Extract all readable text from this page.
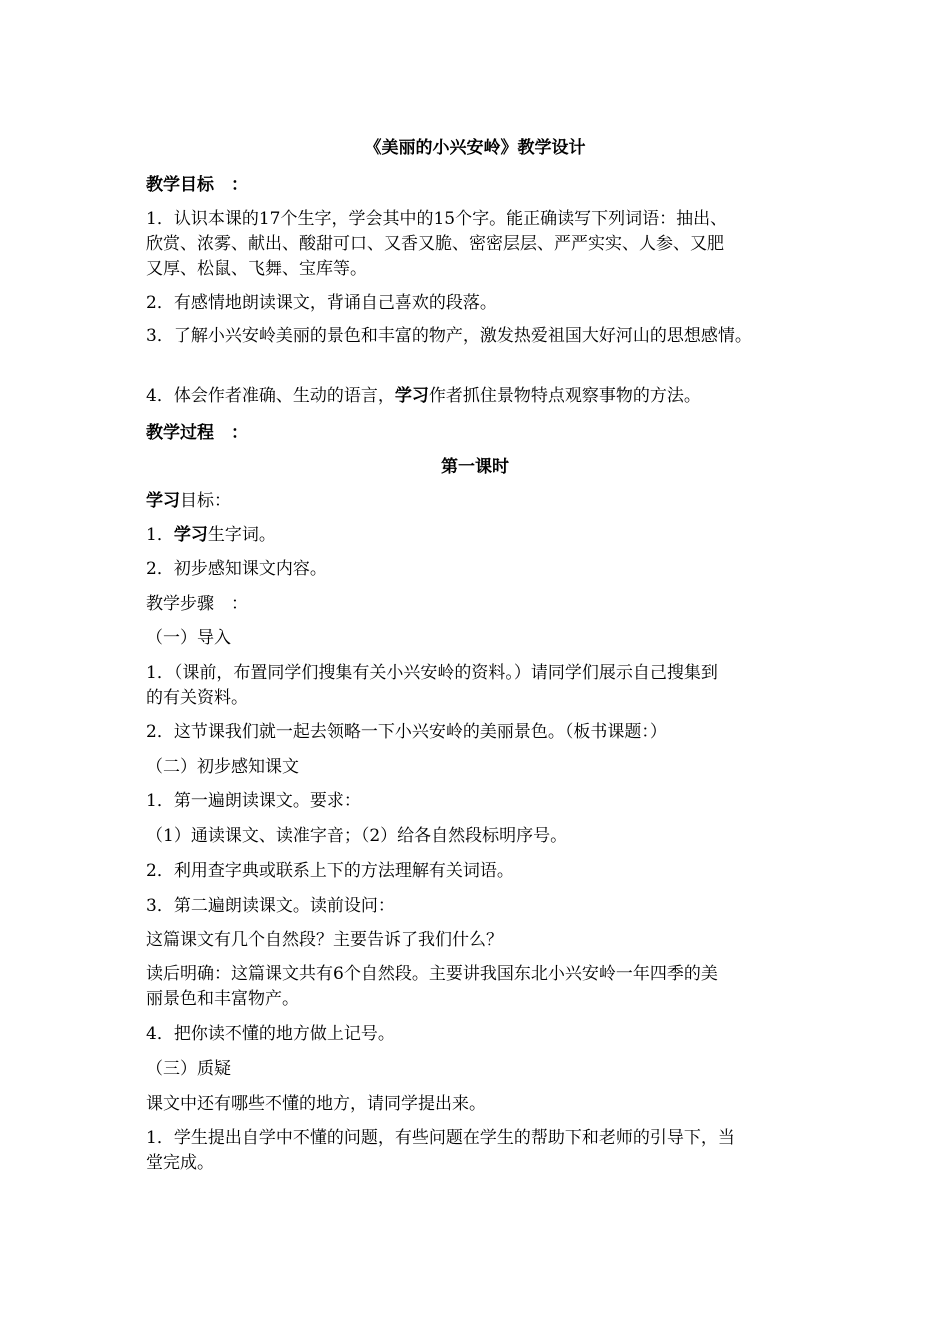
《美丽的小兴安岭》教学设计
教学目标　：
1．认识本课的17个生字，学会其中的15个字。能正确读写下列词语：抽出、
欣赏、浓雾、献出、酸甜可口、又香又脆、密密层层、严严实实、人参、又肥
又厚、松鼠、飞舞、宝库等。
2．有感情地朗读课文，背诵自己喜欢的段落。
3．了解小兴安岭美丽的景色和丰富的物产，激发热爱祖国大好河山的思想感情。
4．体会作者准确、生动的语言，学习作者抓住景物特点观察事物的方法。
教学过程　：
第一课时
学习目标：
1．学习生字词。
2．初步感知课文内容。
教学步骤　：
（一）导入
1．（课前，布置同学们搜集有关小兴安岭的资料。）请同学们展示自己搜集到
的有关资料。
2．这节课我们就一起去领略一下小兴安岭的美丽景色。（板书课题：）
（二）初步感知课文
1．第一遍朗读课文。要求：
（1）通读课文、读准字音；（2）给各自然段标明序号。
2．利用查字典或联系上下的方法理解有关词语。
3．第二遍朗读课文。读前设问：
这篇课文有几个自然段？主要告诉了我们什么？
读后明确：这篇课文共有6个自然段。主要讲我国东北小兴安岭一年四季的美
丽景色和丰富物产。
4．把你读不懂的地方做上记号。
（三）质疑
课文中还有哪些不懂的地方，请同学提出来。
1．学生提出自学中不懂的问题，有些问题在学生的帮助下和老师的引导下，当
堂完成。
